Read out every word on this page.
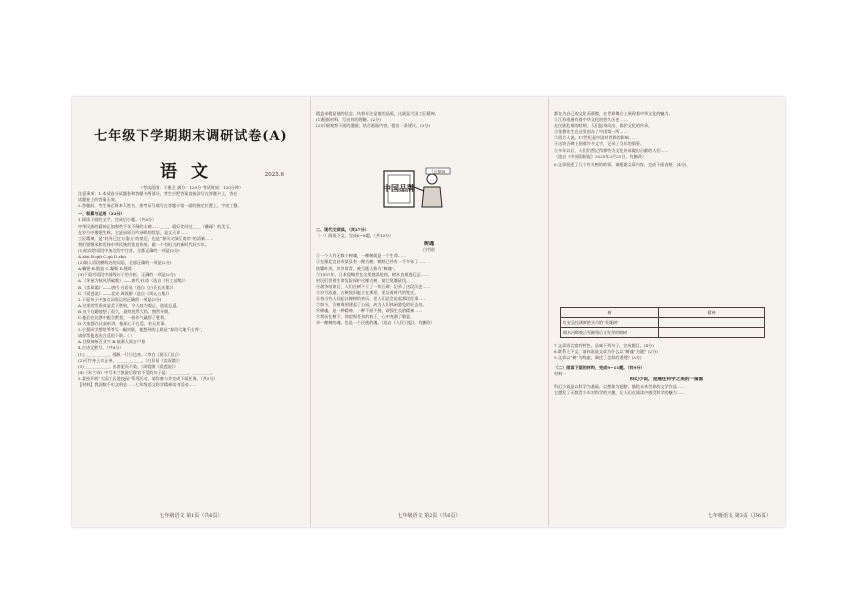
七年级下学期期末调研试卷(A)
语文	2025.6
（考试范围：下册全 满分：120分 考试时间：120分钟）
注意事项：1.本试卷分试题卷和答题卡两部分，考生应把答案直接涂写在答题卡上，答在
试题卷上的答案无效。
2.答题前，考生务必将本人姓名、准考证号填写在答题卡第一面的指定位置上。字迹工整。
一、积累与运用（23分）
1.阅读下面的文字，完成后小题。（共6分）
中华民族的精神正如那些千年不倒的丰碑……____，就好比经过____（雕琢）的美玉，
在岁月中熠熠生辉。它是屈原行吟泽畔的忧思，是文天祥……
工匠精神，是“轻舟已过万重山”的豪迈，也是“春风又绿江南岸”的清新……
我们要继承和发扬中华民族的优良传统，做一个有担当的新时代好少年。
(1)依次给语段中加点的字注音，全都正确的一项是(2分)
A.zhù B.qiú C.qū D.zhù
(2)填入语段横线处的词语，全部正确的一项是(2分)
A.鞠躬 B.锻造 C.凝聚 D.锤炼
(3)下面对语段中画线句子的分析，正确的一项是(2分)
A.《茅屋为秋风所破歌》——唐代·杜甫（选自《杜工部集》）
B.《卖炭翁》——唐代·白居易（选自《白氏长庆集》）
C.《爱莲说》——北宋·周敦颐（选自《周元公集》）
2.下面句子中加点词语运用正确的一项是(3分)
A.这里的雪景真是美不胜收，令人叹为观止，流连忘返。
B.这个问题他想了很久，最终恍然大悟，豁然开朗。
C.他们在比赛中配合默契，一鼓作气赢得了胜利。
D.大家都在认真听讲，他却心不在焉，若无其事。
3.小强同学想给爷爷写一幅对联，他想到的上联是“春回大地千山秀”，
请你帮他选出合适的下联。（ ）
A.日照神州百业兴 B.福满人间万户春
4.古诗文默写。（共8分）
(1)____________，孤帆一片日边来。（李白《望天门山》）
(2)可怜身上衣正单，____________。（白居易《卖炭翁》）
(3)____________，出淤泥而不染。（周敦颐《爱莲说》）
(4)《木兰诗》中写木兰凯旋后辞官不受的句子是：_________，_________。
5.某校开展“大国工匠进校园”系列活动，请你参与并完成下面任务。（共5分）
【材料】我国数千年文明史……七年级语文科学精神读书活动……
七年级语文 第1页（共6页）
精益求精是他的信念，执着专注是他的品质，这就是大国工匠精神。
(1)根据材料，写出你的理解。(2分)
(2)仔细观察下面的漫画，结合画面内容，提出一条建议。(3分)
中国品牌
工匠精神
二、现代文阅读。（共27分）
（一）阅读下文，完成6~8题。（共10分）
树魂
白雪松
①一个人有无数个树魂，一棵树就是一个生命……
②在湖北宜昌市某县有一棵古树，树龄已经有一千多年了……
枝繁叶茂，岁岁常青，被当地人称为“树魂”。
③1937年，日本侵略者在这里烧杀抢掠，树木也难逃厄运……
村民们冒着生命危险保护这棵古树，使它免遭砍伐。
④战争结束后，人们在树下立了一块石碑，记录了这段历史……
⑤岁月流逝，古树依旧挺立在那里，见证着时代的变迁。
⑥每当有人问起这棵树的来历，老人们总会说起那段往事……
⑦如今，古树周围建起了公园，成为人们休闲游览的好去处。
⑧树魂，是一种精神，一种不屈不挠、顽强生长的精神……
⑨我站在树下，仰望那苍劲的枝干，心中充满了敬意。
⑩一棵树的魂，也是一个民族的魂。（选自《人民日报》，有删改）
七年级语文 第2页（共6页）
都在为自己的文化而骄傲，在世界舞台上展现着中华文化的魅力。
①江苏南通有着中华文化的悠久历史……
在民族危难的时刻，人们挺身而出，保护文化的传承。
②张謇先生在这里创办了中国第一所……
③西方人说，17世纪是中国对世界的影响……
④这块古碑上刻着许多文字，记录了当年的情景。
⑤多年以后，人们仍然记得那些为文化传承做出贡献的人们……
（选自《中国国防报》2025年3月21日，有删改）
6.文章叙述了几个有关树的故事，请根据文章内容，完成下面表格。(4分)
树	精神
红安县挂满鲜艳头巾的“英雄树”	
樟木河畔被日军摧残后又发芽的樟树	
7.文章语言富有特色，品味下列句子，完成题目。(4分)
8.联系上下文，请你说说文章为什么以“树魂”为题？(2分)
9.文章以“树”为线索，阐述了怎样的道理？(3分)
（二）阅读下面的材料，完成9~11题。（共9分）
材料一
科幻小说，是通往科学之美的一扇窗
科幻小说是以科学为基础，以想象为翅膀，描绘未来世界的文学作品……
它激发了无数青少年对科学的兴趣，让人们在阅读中感受科学的魅力……
七年级语文 第3页（共6页）
